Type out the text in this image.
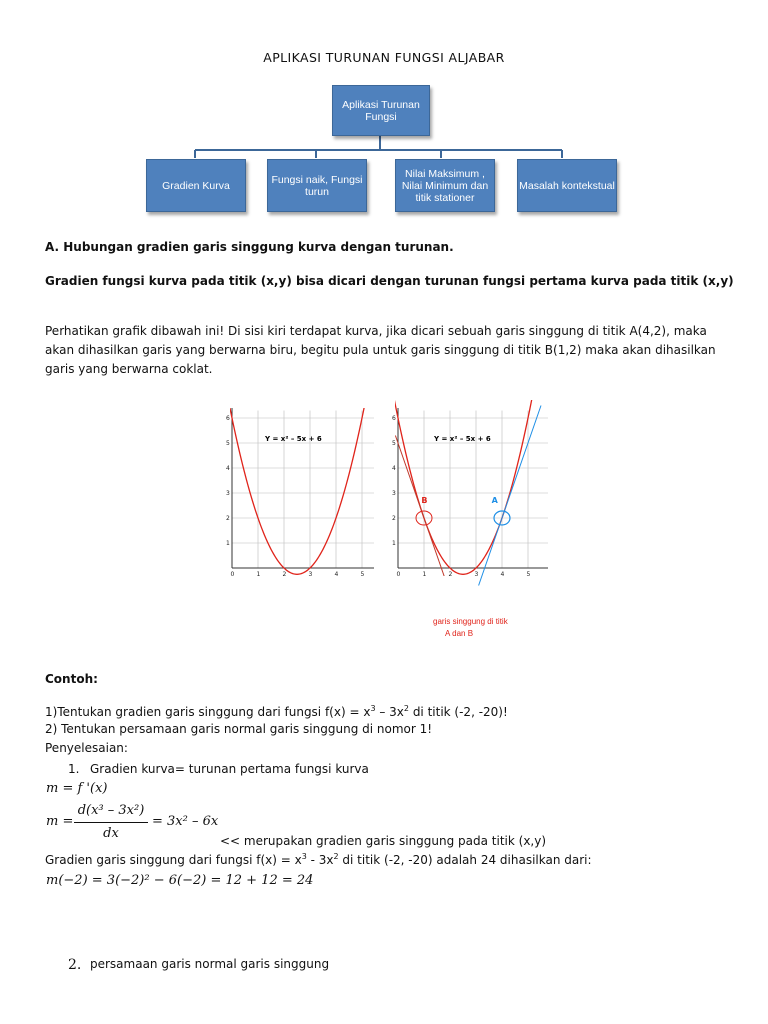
APLIKASI TURUNAN FUNGSI ALJABAR
Aplikasi Turunan Fungsi
Gradien Kurva	Fungsi naik, Fungsi turun
Nilai Maksimum , Nilai Minimum dan titik stationer
Masalah kontekstual
A. Hubungan gradien garis singgung kurva dengan turunan.
Gradien fungsi kurva pada titik (x,y) bisa dicari dengan turunan fungsi pertama kurva pada titik (x,y)
Perhatikan grafik dibawah ini! Di sisi kiri terdapat kurva, jika dicari sebuah garis singgung di titik A(4,2), maka akan dihasilkan garis yang berwarna biru, begitu pula untuk garis singgung di titik B(1,2) maka akan dihasilkan garis yang berwarna coklat.
0	1	2	3	4	5
1
2
3
4
5
6
0	1	2	3	4	5
1
2
3
4
5
6
Y = x² – 5x + 6	Y = x² – 5x + 6
B	A
garis singgung di titik
A dan B
Contoh:
1)Tentukan gradien garis singgung dari fungsi $f(x) = x^3 - 3x^2$ di titik (-2, -20)!
2) Tentukan persamaan garis normal garis singgung di nomor 1!
Penyelesaian:
1. Gradien kurva= turunan pertama fungsi kurva
m = f '(x)
m =
d(x³ – 3x²)
dx
= 3x² – 6x
<< merupakan gradien garis singgung pada titik (x,y)
Gradien garis singgung dari fungsi $f(x) = x^3 - 3x^2$ di titik (-2, -20) adalah 24 dihasilkan dari:
m(−2) = 3(−2)² − 6(−2) = 12 + 12 = 24
2. persamaan garis normal garis singgung
